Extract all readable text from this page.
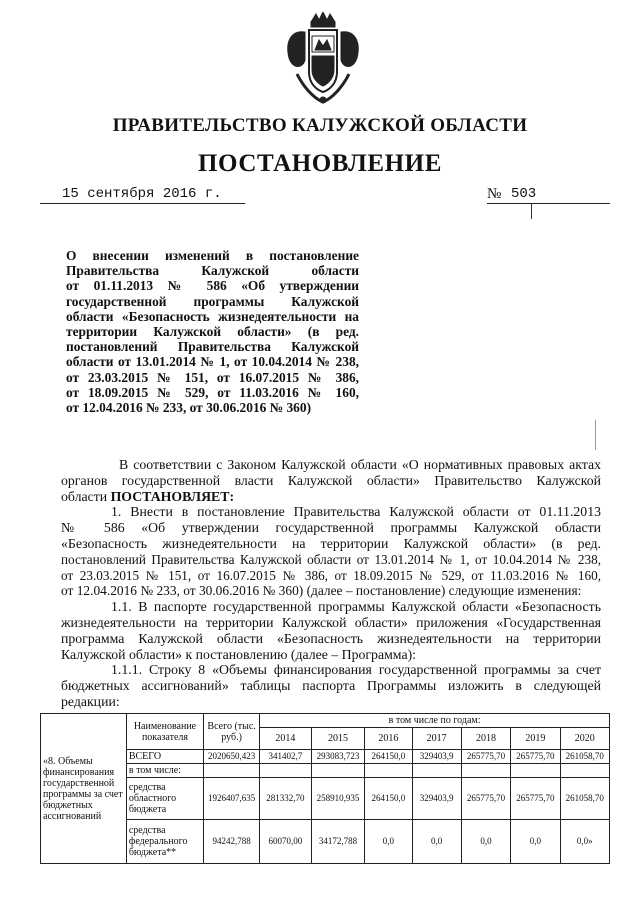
ПРАВИТЕЛЬСТВО КАЛУЖСКОЙ ОБЛАСТИ
ПОСТАНОВЛЕНИЕ
15 сентября 2016 г.	№ 503
О внесении изменений в постановление
Правительства Калужской области
от 01.11.2013 № 586 «Об утверждении
государственной программы Калужской
области «Безопасность жизнедеятельности на
территории Калужской области» (в ред.
постановлений Правительства Калужской
области от 13.01.2014 № 1, от 10.04.2014 № 238,
от 23.03.2015 № 151, от 16.07.2015 № 386,
от 18.09.2015 № 529, от 11.03.2016 № 160,
от 12.04.2016 № 233, от 30.06.2016 № 360)
В соответствии с Законом Калужской области «О нормативных правовых актах
органов государственной власти Калужской области» Правительство Калужской
области ПОСТАНОВЛЯЕТ:
1. Внести в постановление Правительства Калужской области от 01.11.2013
№ 586 «Об утверждении государственной программы Калужской области
«Безопасность жизнедеятельности на территории Калужской области» (в ред.
постановлений Правительства Калужской области от 13.01.2014 № 1, от 10.04.2014 № 238,
от 23.03.2015 № 151, от 16.07.2015 № 386, от 18.09.2015 № 529, от 11.03.2016 № 160,
от 12.04.2016 № 233, от 30.06.2016 № 360) (далее – постановление) следующие изменения:
1.1. В паспорте государственной программы Калужской области «Безопасность
жизнедеятельности на территории Калужской области» приложения «Государственная
программа Калужской области «Безопасность жизнедеятельности на территории
Калужской области» к постановлению (далее – Программа):
1.1.1. Строку 8 «Объемы финансирования государственной программы за счет
бюджетных ассигнований» таблицы паспорта Программы изложить в следующей
редакции:
«8. Объемы финансирования государственной программы за счет бюджетных ассигнований	Наименование показателя	Всего (тыс. руб.)	в том числе по годам:						
			2014	2015	2016	2017	2018	2019	2020
	ВСЕГО	2020650,423	341402,7	293083,723	264150,0	329403,9	265775,70	265775,70	261058,70
	в том числе:								
	средства областного бюджета	1926407,635	281332,70	258910,935	264150,0	329403,9	265775,70	265775,70	261058,70
	средства федерального бюджета**	94242,788	60070,00	34172,788	0,0	0,0	0,0	0,0	0,0»
